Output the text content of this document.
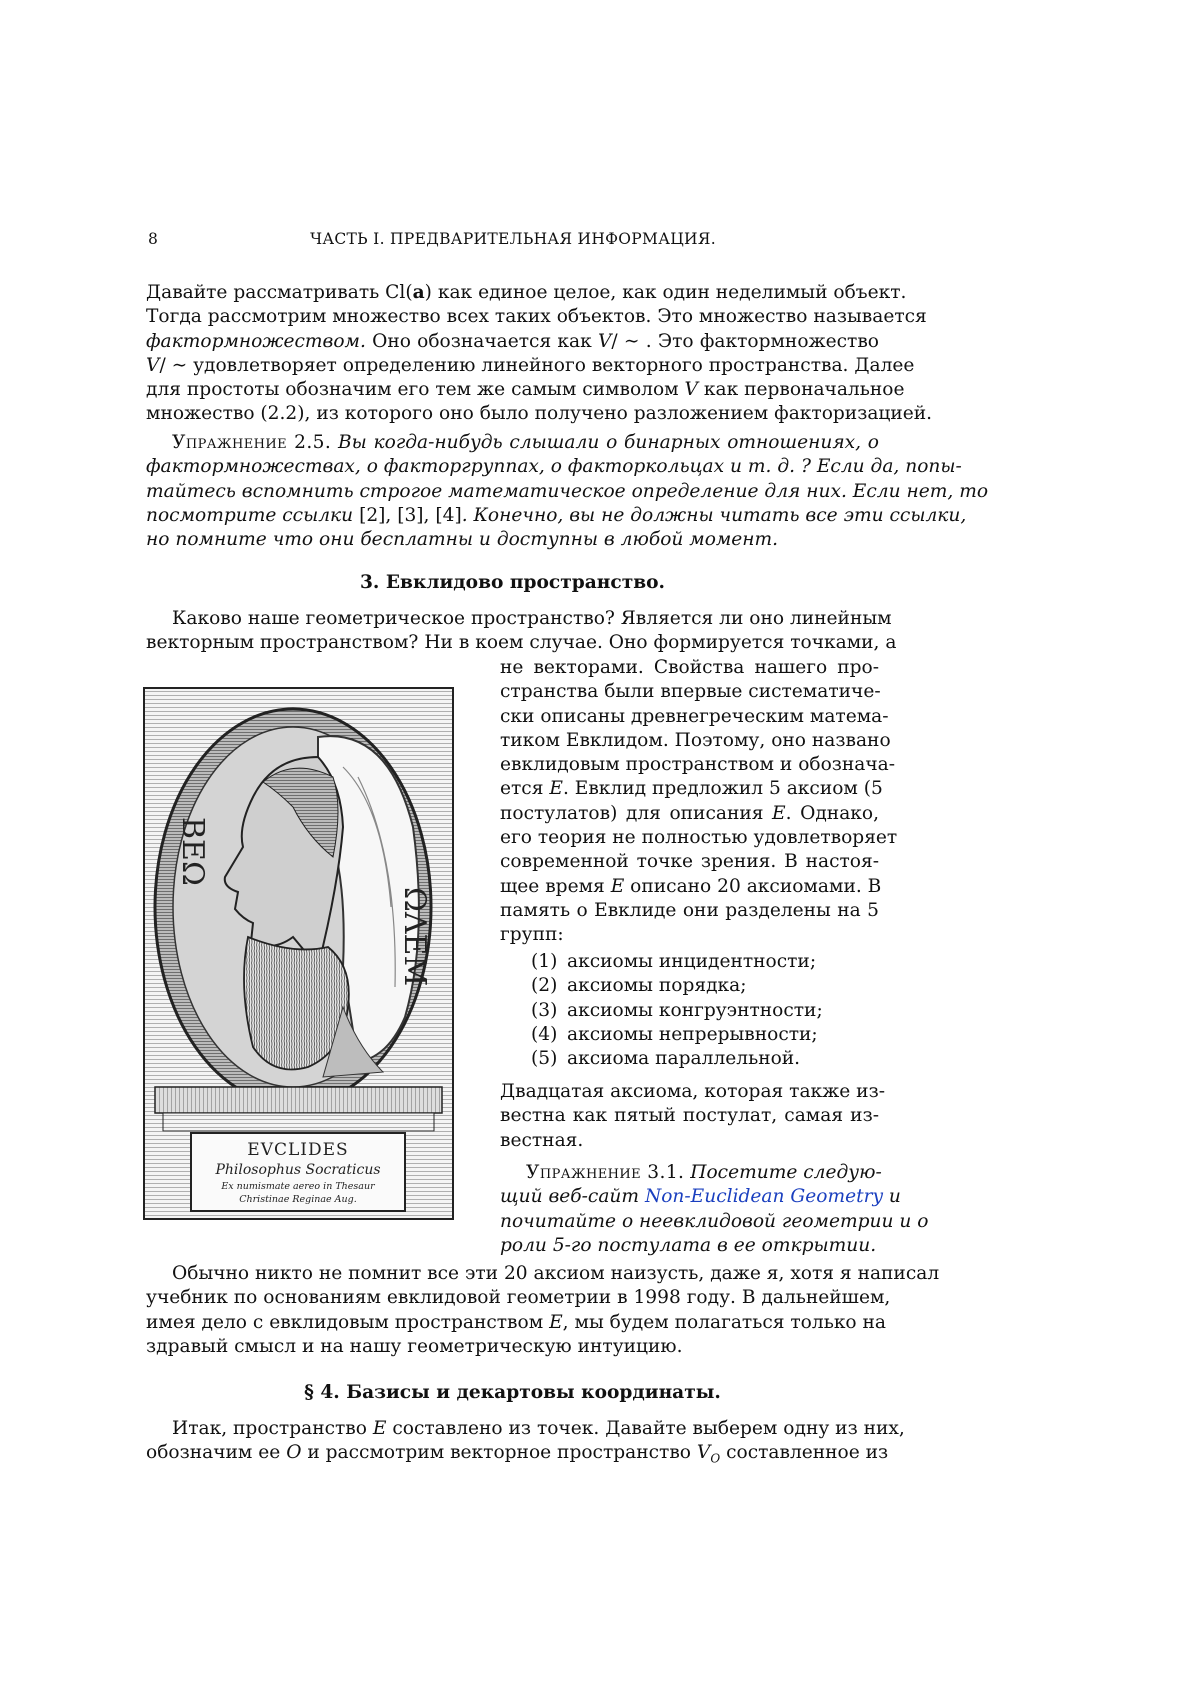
8	ЧАСТЬ I. ПРЕДВАРИТЕЛЬНАЯ ИНФОРМАЦИЯ.
Давайте рассматривать Cl(a) как единое целое, как один неделимый объект.
Тогда рассмотрим множество всех таких объектов. Это множество называется
фактормножеством. Оно обозначается как V/ ∼ . Это фактормножество
V/ ∼ удовлетворяет определению линейного векторного пространства. Далее
для простоты обозначим его тем же самым символом V как первоначальное
множество (2.2), из которого оно было получено разложением факторизацией.
Упражнение 2.5. Вы когда-нибудь слышали о бинарных отношениях, о
фактормножествах, о факторгруппах, о факторкольцах и т. д. ? Если да, попы-
тайтесь вспомнить строгое математическое определение для них. Если нет, то
посмотрите ссылки [2], [3], [4]. Конечно, вы не должны читать все эти ссылки,
но помните что они бесплатны и доступны в любой момент.
3. Евклидово пространство.
Каково наше геометрическое пространство? Является ли оно линейным
векторным пространством? Ни в коем случае. Оно формируется точками, а
ΒΕΩ
ΩΛΕΜ
EVCLIDES
Philosophus Socraticus
Ex numismate aereo in Thesaur
Christinae Reginae Aug.
не векторами. Свойства нашего про-
странства были впервые систематиче-
ски описаны древнегреческим матема-
тиком Евклидом. Поэтому, оно названо
евклидовым пространством и обознача-
ется E. Евклид предложил 5 аксиом (5
постулатов) для описания E. Однако,
его теория не полностью удовлетворяет
современной точке зрения. В настоя-
щее время E описано 20 аксиомами. В
память о Евклиде они разделены на 5
групп:
(1) аксиомы инцидентности;
(2) аксиомы порядка;
(3) аксиомы конгруэнтности;
(4) аксиомы непрерывности;
(5) аксиома параллельной.
Двадцатая аксиома, которая также из-
вестна как пятый постулат, самая из-
вестная.
Упражнение 3.1. Посетите следую-
щий веб-сайт Non-Euclidean Geometry и
почитайте о неевклидовой геометрии и о
роли 5-го постулата в ее открытии.
Обычно никто не помнит все эти 20 аксиом наизусть, даже я, хотя я написал
учебник по основаниям евклидовой геометрии в 1998 году. В дальнейшем,
имея дело с евклидовым пространством E, мы будем полагаться только на
здравый смысл и на нашу геометрическую интуицию.
§ 4. Базисы и декартовы координаты.
Итак, пространство E составлено из точек. Давайте выберем одну из них,
обозначим ее O и рассмотрим векторное пространство $V_O$ составленное из
